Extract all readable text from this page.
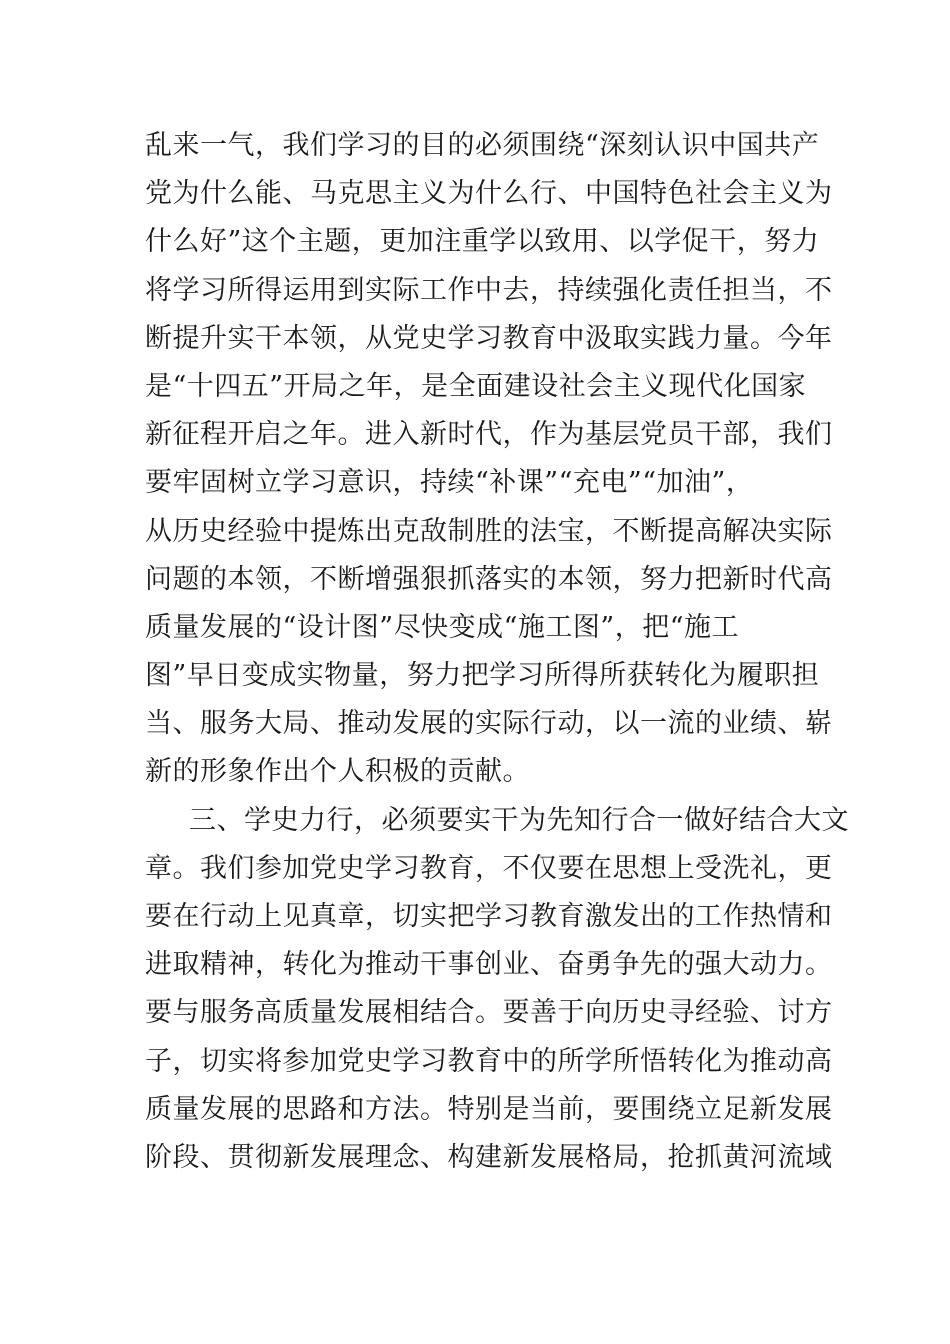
乱来一气，我们学习的目的必须围绕“深刻认识中国共产
党为什么能、马克思主义为什么行、中国特色社会主义为
什么好”这个主题，更加注重学以致用、以学促干，努力
将学习所得运用到实际工作中去，持续强化责任担当，不
断提升实干本领，从党史学习教育中汲取实践力量。今年
是“十四五”开局之年，是全面建设社会主义现代化国家
新征程开启之年。进入新时代，作为基层党员干部，我们
要牢固树立学习意识，持续“补课”“充电”“加油”，
从历史经验中提炼出克敌制胜的法宝，不断提高解决实际
问题的本领，不断增强狠抓落实的本领，努力把新时代高
质量发展的“设计图”尽快变成“施工图”，把“施工
图”早日变成实物量，努力把学习所得所获转化为履职担
当、服务大局、推动发展的实际行动，以一流的业绩、崭
新的形象作出个人积极的贡献。
三、学史力行，必须要实干为先知行合一做好结合大文
章。我们参加党史学习教育，不仅要在思想上受洗礼，更
要在行动上见真章，切实把学习教育激发出的工作热情和
进取精神，转化为推动干事创业、奋勇争先的强大动力。
要与服务高质量发展相结合。要善于向历史寻经验、讨方
子，切实将参加党史学习教育中的所学所悟转化为推动高
质量发展的思路和方法。特别是当前，要围绕立足新发展
阶段、贯彻新发展理念、构建新发展格局，抢抓黄河流域
